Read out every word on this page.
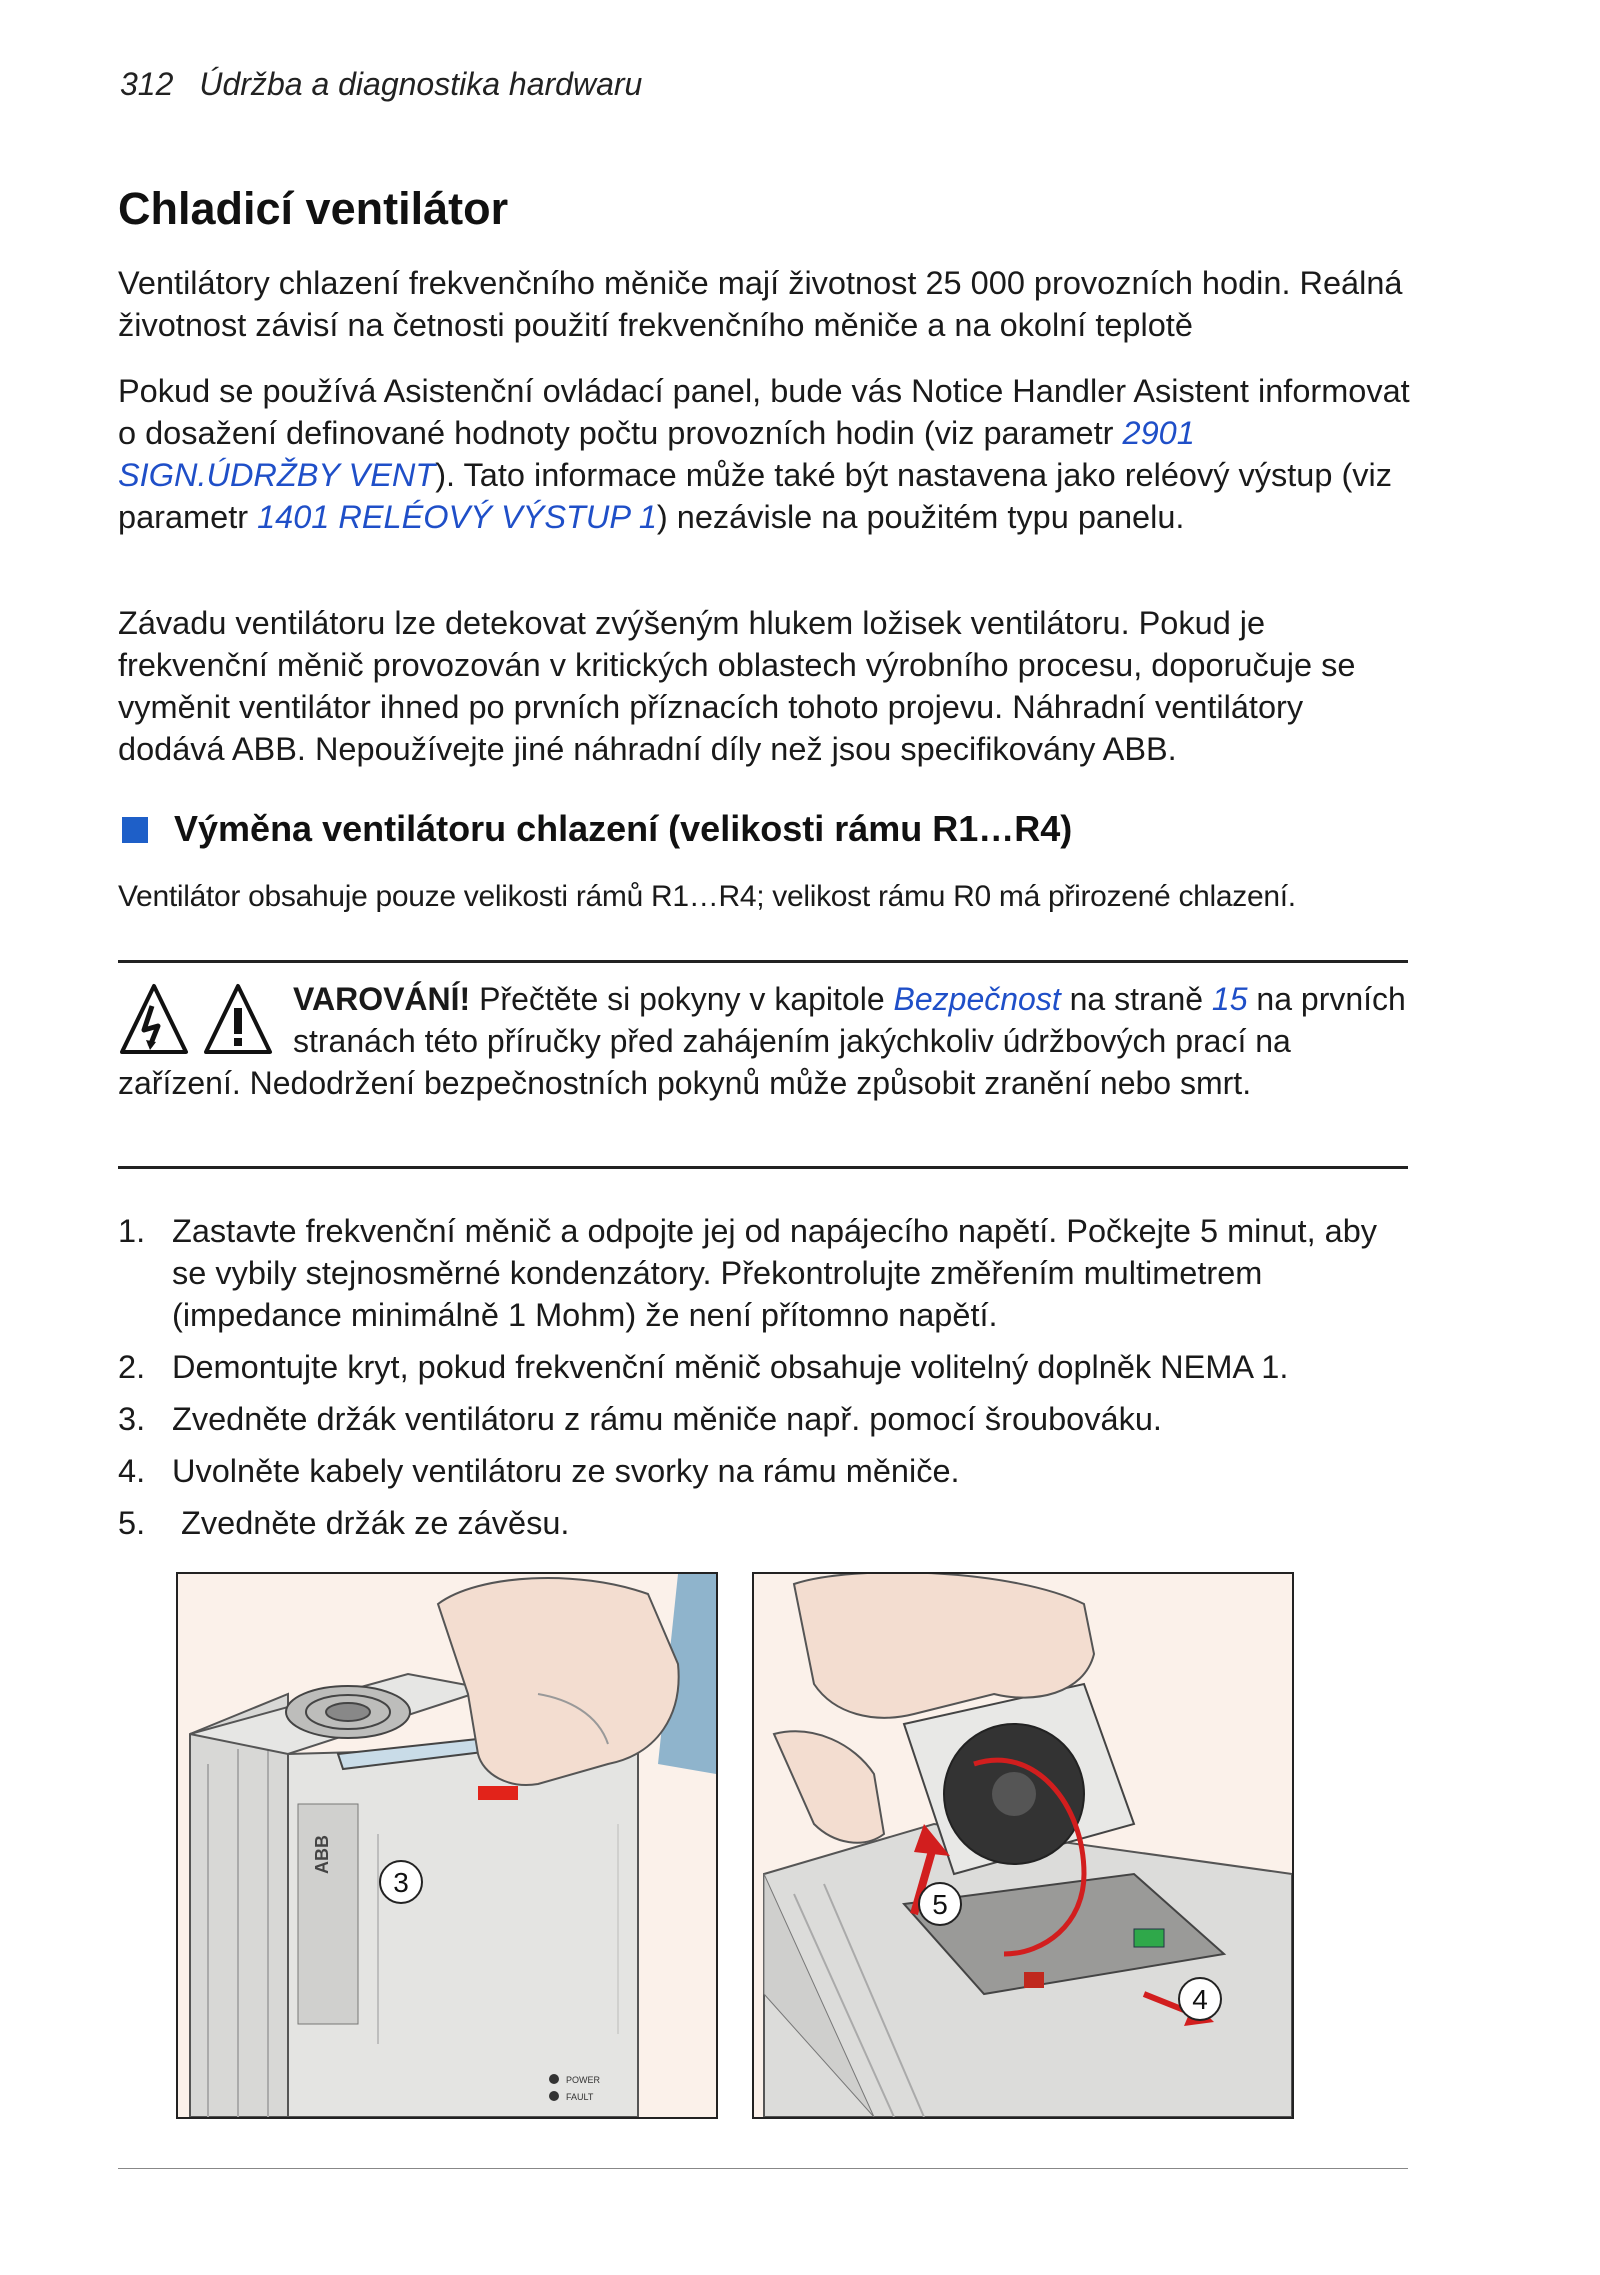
312 Údržba a diagnostika hardwaru
Chladicí ventilátor

Ventilátory chlazení frekvenčního měniče mají životnost 25 000 provozních hodin. Reálná životnost závisí na četnosti použití frekvenčního měniče a na okolní teplotě

Pokud se používá Asistenční ovládací panel, bude vás Notice Handler Asistent informovat o dosažení definované hodnoty počtu provozních hodin (viz parametr 2901 SIGN.ÚDRŽBY VENT). Tato informace může také být nastavena jako reléový výstup (viz parametr 1401 RELÉOVÝ VÝSTUP 1) nezávisle na použitém typu panelu.

Závadu ventilátoru lze detekovat zvýšeným hlukem ložisek ventilátoru. Pokud je frekvenční měnič provozován v kritických oblastech výrobního procesu, doporučuje se vyměnit ventilátor ihned po prvních příznacích tohoto projevu. Náhradní ventilátory dodává ABB. Nepoužívejte jiné náhradní díly než jsou specifikovány ABB.

Výměna ventilátoru chlazení (velikosti rámu R1…R4)
Ventilátor obsahuje pouze velikosti rámů R1…R4; velikost rámu R0 má přirozené chlazení.
VAROVÁNÍ! Přečtěte si pokyny v kapitole Bezpečnost na straně 15 na prvních stranách této příručky před zahájením jakýchkoliv údržbových prací na zařízení. Nedodržení bezpečnostních pokynů může způsobit zranění nebo smrt.
1. Zastavte frekvenční měnič a odpojte jej od napájecího napětí. Počkejte 5 minut, aby se vybily stejnosměrné kondenzátory. Překontrolujte změřením multimetrem (impedance minimálně 1 Mohm) že není přítomno napětí.
2. Demontujte kryt, pokud frekvenční měnič obsahuje volitelný doplněk NEMA 1.
3. Zvedněte držák ventilátoru z rámu měniče např. pomocí šroubováku.
4. Uvolněte kabely ventilátoru ze svorky na rámu měniče.
5. Zvedněte držák ze závěsu.
3
ABB
POWER
FAULT
5
4
